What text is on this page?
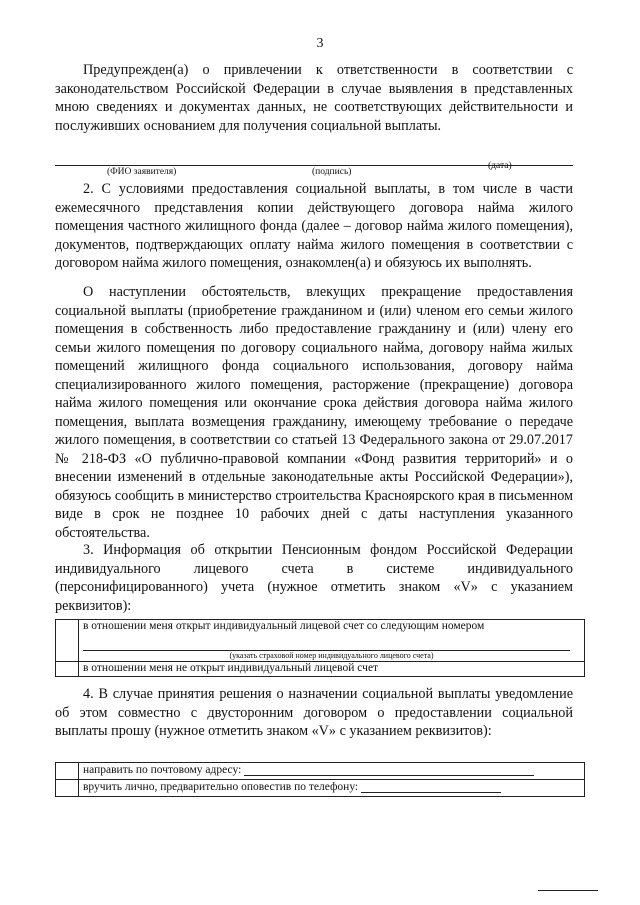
3

Предупрежден(а) о привлечении к ответственности в соответствии с законодательством Российской Федерации в случае выявления в представленных мною сведениях и документах данных, не соответствующих действительности и послуживших основанием для получения социальной выплаты.

(ФИО заявителя)	(подпись)
(дата)

2. С условиями предоставления социальной выплаты, в том числе в части ежемесячного представления копии действующего договора найма жилого помещения частного жилищного фонда (далее – договор найма жилого помещения), документов, подтверждающих оплату найма жилого помещения в соответствии с договором найма жилого помещения, ознакомлен(а) и обязуюсь их выполнять.

О наступлении обстоятельств, влекущих прекращение предоставления социальной выплаты (приобретение гражданином и (или) членом его семьи жилого помещения в собственность либо предоставление гражданину и (или) члену его семьи жилого помещения по договору социального найма, договору найма жилых помещений жилищного фонда социального использования, договору найма специализированного жилого помещения, расторжение (прекращение) договора найма жилого помещения или окончание срока действия договора найма жилого помещения, выплата возмещения гражданину, имеющему требование о передаче жилого помещения, в соответствии со статьей 13 Федерального закона от 29.07.2017 № 218-ФЗ «О публично-правовой компании «Фонд развития территорий» и о внесении изменений в отдельные законодательные акты Российской Федерации»), обязуюсь сообщить в министерство строительства Красноярского края в письменном виде в срок не позднее 10 рабочих дней с даты наступления указанного обстоятельства.

3. Информация об открытии Пенсионным фондом Российской Федерации индивидуального лицевого счета в системе индивидуального (персонифицированного) учета (нужное отметить знаком «V» с указанием реквизитов):

	в отношении меня открыт индивидуальный лицевой счет со следующим номером
(указать страховой номер индивидуального лицевого счета)

	в отношении меня не открыт индивидуальный лицевой счет

4. В случае принятия решения о назначении социальной выплаты уведомление об этом совместно с двусторонним договором о предоставлении социальной выплаты прошу (нужное отметить знаком «V» с указанием реквизитов):

	направить по почтовому адресу:
	вручить лично, предварительно оповестив по телефону:
